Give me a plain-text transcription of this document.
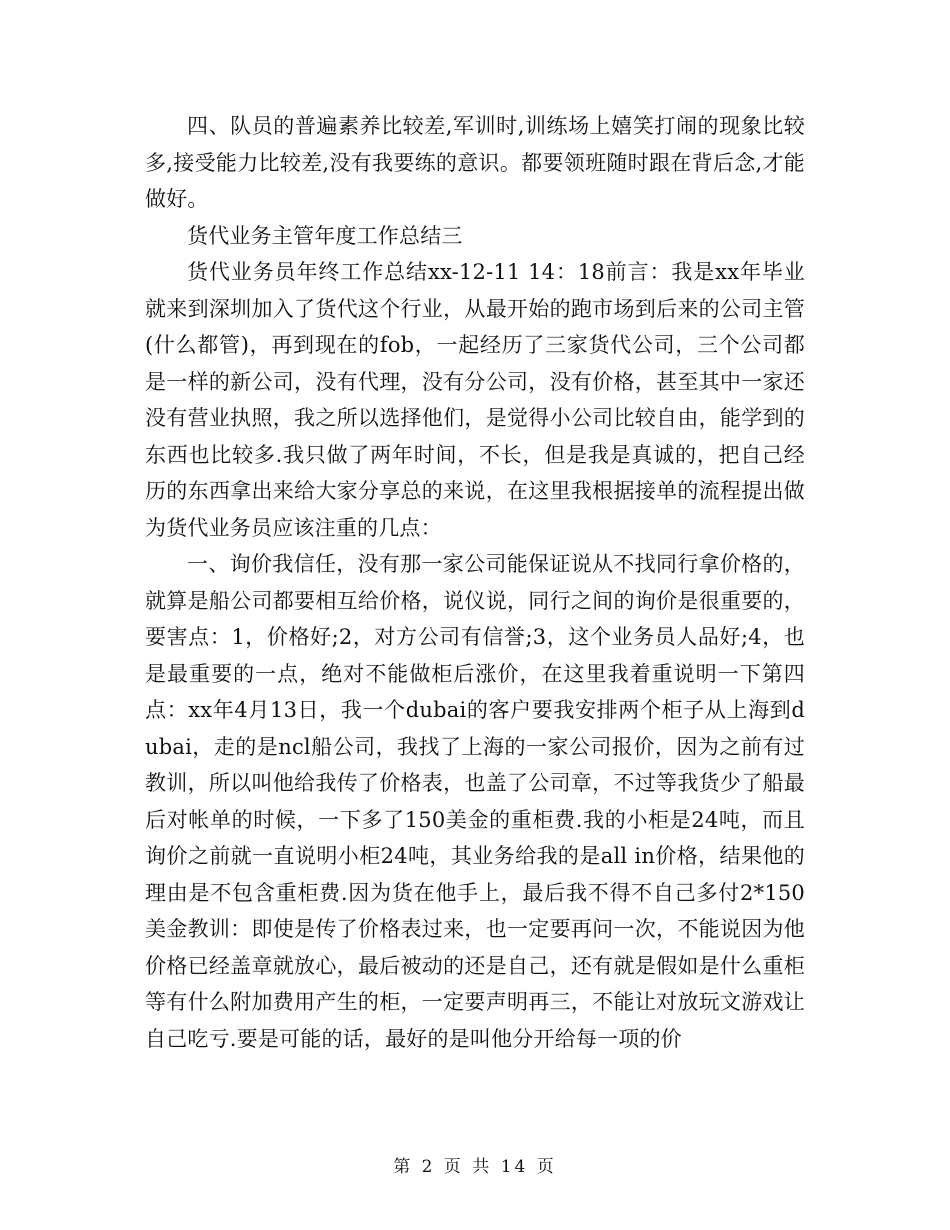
四、队员的普遍素养比较差,军训时,训练场上嬉笑打闹的现象比较多,接受能力比较差,没有我要练的意识。都要领班随时跟在背后念,才能做好。

货代业务主管年度工作总结三

货代业务员年终工作总结xx-12-11 14：18前言：我是xx年毕业就来到深圳加入了货代这个行业，从最开始的跑市场到后来的公司主管(什么都管)，再到现在的fob，一起经历了三家货代公司，三个公司都是一样的新公司，没有代理，没有分公司，没有价格，甚至其中一家还没有营业执照，我之所以选择他们，是觉得小公司比较自由，能学到的东西也比较多.我只做了两年时间，不长，但是我是真诚的，把自己经历的东西拿出来给大家分享总的来说，在这里我根据接单的流程提出做为货代业务员应该注重的几点：

一、询价我信任，没有那一家公司能保证说从不找同行拿价格的，就算是船公司都要相互给价格，说仪说，同行之间的询价是很重要的，要害点：1，价格好;2，对方公司有信誉;3，这个业务员人品好;4，也是最重要的一点，绝对不能做柜后涨价，在这里我着重说明一下第四点：xx年4月13日，我一个dubai的客户要我安排两个柜子从上海到dubai，走的是ncl船公司，我找了上海的一家公司报价，因为之前有过教训，所以叫他给我传了价格表，也盖了公司章，不过等我货少了船最后对帐单的时候，一下多了150美金的重柜费.我的小柜是24吨，而且询价之前就一直说明小柜24吨，其业务给我的是all in价格，结果他的理由是不包含重柜费.因为货在他手上，最后我不得不自己多付2*150美金教训：即使是传了价格表过来，也一定要再问一次，不能说因为他价格已经盖章就放心，最后被动的还是自己，还有就是假如是什么重柜等有什么附加费用产生的柜，一定要声明再三，不能让对放玩文游戏让自己吃亏.要是可能的话，最好的是叫他分开给每一项的价

第 2 页 共 14 页
